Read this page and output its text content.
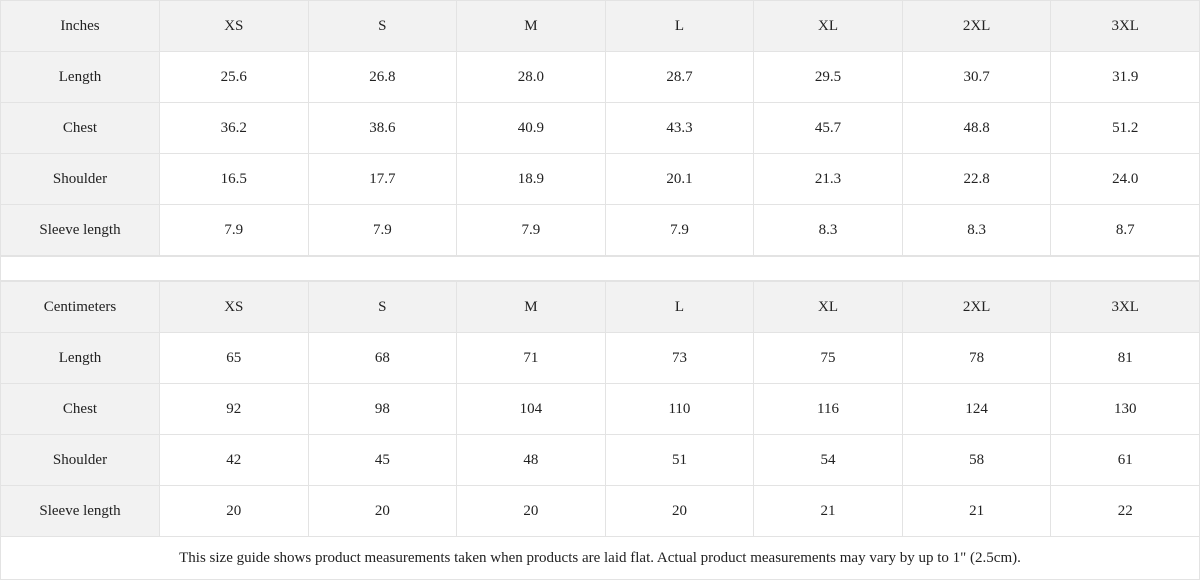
Inches	XS	S	M	L	XL	2XL	3XL
Length	25.6	26.8	28.0	28.7	29.5	30.7	31.9
Chest	36.2	38.6	40.9	43.3	45.7	48.8	51.2
Shoulder	16.5	17.7	18.9	20.1	21.3	22.8	24.0
Sleeve length	7.9	7.9	7.9	7.9	8.3	8.3	8.7
Centimeters	XS	S	M	L	XL	2XL	3XL
Length	65	68	71	73	75	78	81
Chest	92	98	104	110	116	124	130
Shoulder	42	45	48	51	54	58	61
Sleeve length	20	20	20	20	21	21	22
This size guide shows product measurements taken when products are laid flat. Actual product measurements may vary by up to 1" (2.5cm).
